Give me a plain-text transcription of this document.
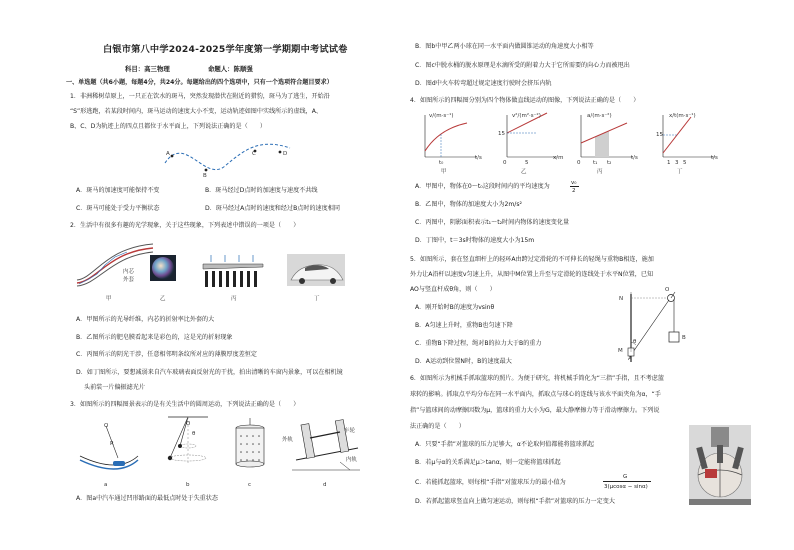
白银市第八中学2024-2025学年度第一学期期中考试试卷
科目：高三物理	命题人：陈顺强
一、单选题（共6小题，每题4分，共24分。每题给出的四个选项中，只有一个选项符合题目要求）
1．非洲稀树草原上，一只正在饮水的斑马，突然发现潜伏在附近的猎豹，斑马为了逃生，开始沿
“S”形逃跑，若某段时间内，斑马运动的速度大小不变，运动轨迹如图中实线所示的虚线，A、
B、C、D为轨迹上的四点且都位于水平面上，下列说法正确的是（　　）
A
B
C	D
A．斑马的加速度可能保持不变	B．斑马经过D点时的加速度与速度不共线
C．斑马可能处于受力平衡状态	D．斑马经过A点时的速度和经过B点时的速度相同
2．生活中有很多有趣的光学现象，关于这些现象，下列表述中错误的一项是（　　）
内芯
外套
甲	乙	丙	丁
A．甲图所示的光导纤维，内芯的折射率比外套的大
B．乙图所示的肥皂膜看起来是彩色的，这是光的折射现象
C．丙图所示的阴光干涉，任意相邻明条纹所对应的薄膜厚度差恒定
D．如丁图所示，要想减弱来自汽车玻璃表面反射光的干扰，拍出清晰的车窗内景象，可以在相机镜
头前装一片偏振滤光片
3．如图所示的四幅图景表示的是有关生活中的圆周运动，下列说法正确的是（　　）
O
R
O
θ
外轨
车轮
内轨
a	b	c	d
A．图a中汽车通过凹形路面的最低点时处于失重状态
B．图b中甲乙两小球在同一水平面内做圆锥运动的角速度大小相等
C．图c中脱水桶的脱水原理是水滴所受的附着力大于它所需要的向心力而被甩出
D．图d中火车转弯超过规定速度行驶时会挤压内轨
4．如图所示的四幅图分别为四个物体做直线运动的图像，下列说法正确的是（　　）
v/(m·s⁻¹)
t/s
t₀
v²/(m²·s⁻²)
x/m
15
0	5
a/(m·s⁻²)
t/s
0 t₁ t₂
x/t(m·s⁻¹)
t/s
15
1 3 5
甲	乙	丙	丁
A．甲图中，物体在0～t₀这段时间内的平均速度为	v₀
2
B．乙图中，物体的加速度大小为2m/s²
C．丙图中，阴影面积表示t₁～t₂时间内物体的速度变化量
D．丁图中，t＝3s时物体的速度大小为15m
5．如图所示，套在竖直细杆上的轻环A由跨过定滑轮的不可伸长的轻绳与重物B相连，施加
外力让A沿杆以速度v匀速上升，从图中M位置上升至与定滑轮的连线处于水平N位置，已知
AO与竖直杆成θ角，则（　　）
A．刚开始时B的速度为vsinθ
B．A匀速上升时，重物B也匀速下降
C．重物B下降过程，绳对B的拉力大于B的重力
D．A运动到位置N时，B的速度最大
N
O
M
A
B
θ
6．如图所示为机械手抓取篮球的照片。为便于研究，将机械手简化为“三指”手指，且不考虑篮
球转的影响。抓取点平均分布在同一水平面内，抓取点与球心的连线与该水平面夹角为α，“手
指”与篮球间的动摩擦因数为μ，篮球的重力大小为G，最大静摩擦力等于滑动摩擦力。下列说
法正确的是（　　）
A．只要“手指”对篮球的压力足够大，α不论取何值都能将篮球抓起
B．若μ与α的关系满足μ＞tanα，则一定能将篮球抓起
C．若能抓起篮球，则每根“手指”对篮球压力的最小值为
G
3(μcosα − sinα)
D．若抓起篮球竖直向上做匀速运动，则每根“手指”对篮球的压力一定变大
